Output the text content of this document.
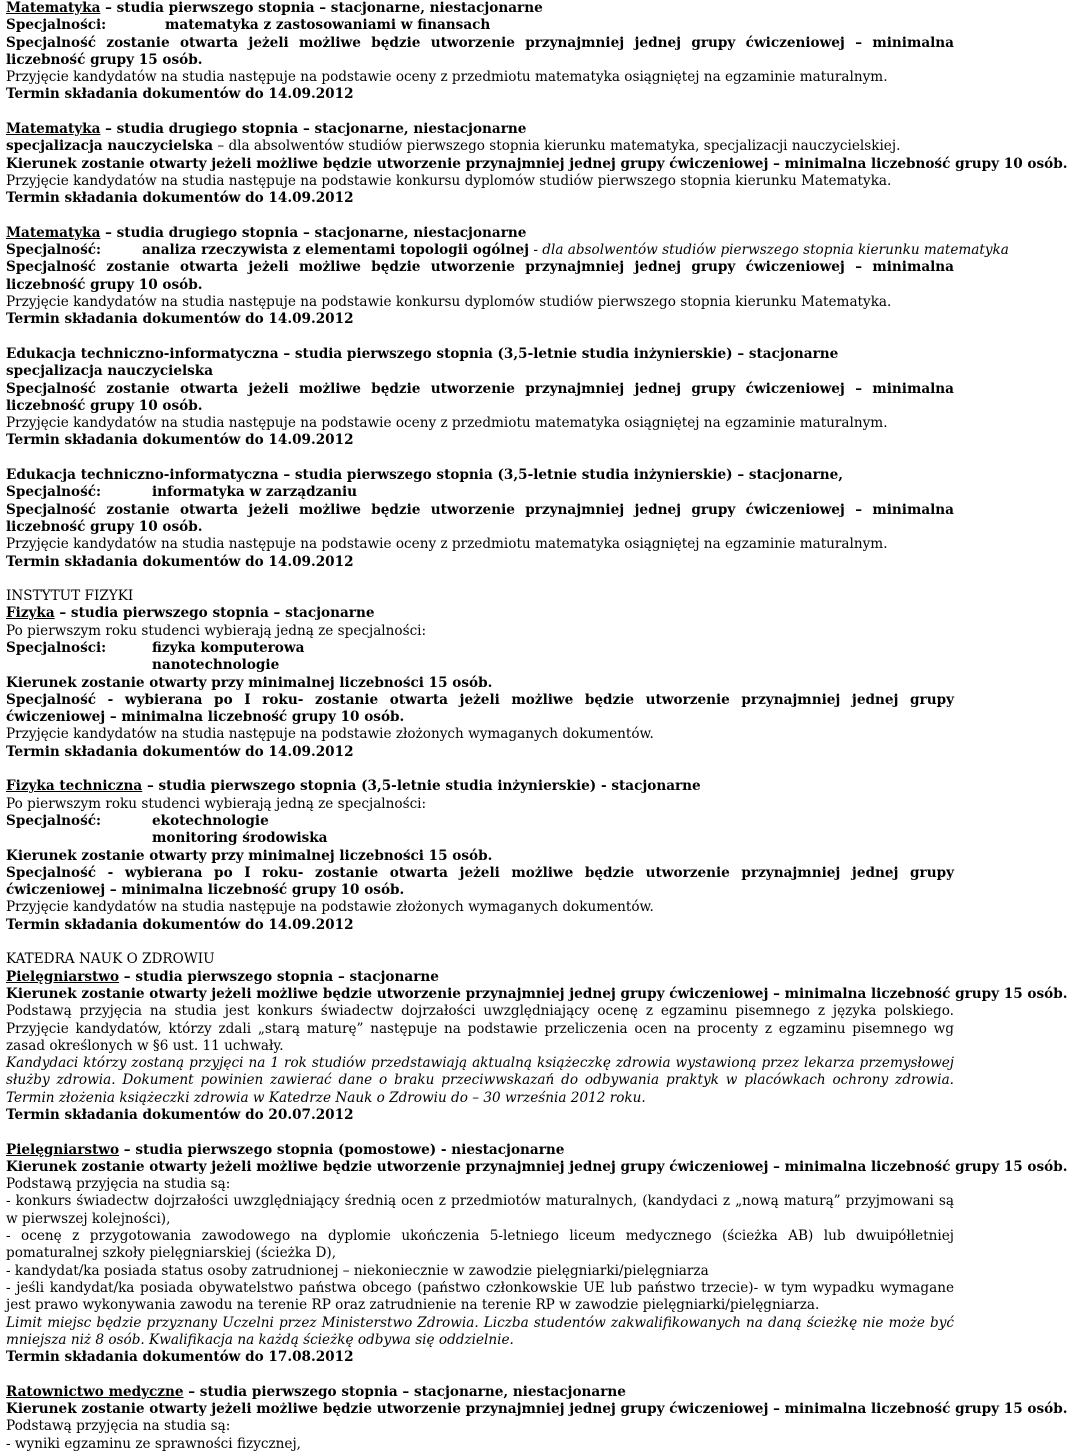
Matematyka – studia pierwszego stopnia – stacjonarne, niestacjonarne
Specjalności:	matematyka z zastosowaniami w finansach
Specjalność zostanie otwarta jeżeli możliwe będzie utworzenie przynajmniej jednej grupy ćwiczeniowej – minimalna liczebność grupy 15 osób.
Przyjęcie kandydatów na studia następuje na podstawie oceny z przedmiotu matematyka osiągniętej na egzaminie maturalnym.
Termin składania dokumentów do 14.09.2012
Matematyka – studia drugiego stopnia – stacjonarne, niestacjonarne
specjalizacja nauczycielska – dla absolwentów studiów pierwszego stopnia kierunku matematyka, specjalizacji nauczycielskiej.
Kierunek zostanie otwarty jeżeli możliwe będzie utworzenie przynajmniej jednej grupy ćwiczeniowej – minimalna liczebność grupy 10 osób.
Przyjęcie kandydatów na studia następuje na podstawie konkursu dyplomów studiów pierwszego stopnia kierunku Matematyka.
Termin składania dokumentów do 14.09.2012
Matematyka – studia drugiego stopnia – stacjonarne, niestacjonarne
Specjalność:	analiza rzeczywista z elementami topologii ogólnej - dla absolwentów studiów pierwszego stopnia kierunku matematyka
Specjalność zostanie otwarta jeżeli możliwe będzie utworzenie przynajmniej jednej grupy ćwiczeniowej – minimalna liczebność grupy 10 osób.
Przyjęcie kandydatów na studia następuje na podstawie konkursu dyplomów studiów pierwszego stopnia kierunku Matematyka.
Termin składania dokumentów do 14.09.2012
Edukacja techniczno-informatyczna – studia pierwszego stopnia (3,5-letnie studia inżynierskie) – stacjonarne
specjalizacja nauczycielska
Specjalność zostanie otwarta jeżeli możliwe będzie utworzenie przynajmniej jednej grupy ćwiczeniowej – minimalna liczebność grupy 10 osób.
Przyjęcie kandydatów na studia następuje na podstawie oceny z przedmiotu matematyka osiągniętej na egzaminie maturalnym.
Termin składania dokumentów do 14.09.2012
Edukacja techniczno-informatyczna – studia pierwszego stopnia (3,5-letnie studia inżynierskie) – stacjonarne,
Specjalność:	informatyka w zarządzaniu
Specjalność zostanie otwarta jeżeli możliwe będzie utworzenie przynajmniej jednej grupy ćwiczeniowej – minimalna liczebność grupy 10 osób.
Przyjęcie kandydatów na studia następuje na podstawie oceny z przedmiotu matematyka osiągniętej na egzaminie maturalnym.
Termin składania dokumentów do 14.09.2012
INSTYTUT FIZYKI
Fizyka – studia pierwszego stopnia – stacjonarne
Po pierwszym roku studenci wybierają jedną ze specjalności:
Specjalności:	fizyka komputerowa
nanotechnologie
Kierunek zostanie otwarty przy minimalnej liczebności 15 osób.
Specjalność - wybierana po I roku- zostanie otwarta jeżeli możliwe będzie utworzenie przynajmniej jednej grupy ćwiczeniowej – minimalna liczebność grupy 10 osób.
Przyjęcie kandydatów na studia następuje na podstawie złożonych wymaganych dokumentów.
Termin składania dokumentów do 14.09.2012
Fizyka techniczna – studia pierwszego stopnia (3,5-letnie studia inżynierskie) - stacjonarne
Po pierwszym roku studenci wybierają jedną ze specjalności:
Specjalność:	ekotechnologie
monitoring środowiska
Kierunek zostanie otwarty przy minimalnej liczebności 15 osób.
Specjalność - wybierana po I roku- zostanie otwarta jeżeli możliwe będzie utworzenie przynajmniej jednej grupy ćwiczeniowej – minimalna liczebność grupy 10 osób.
Przyjęcie kandydatów na studia następuje na podstawie złożonych wymaganych dokumentów.
Termin składania dokumentów do 14.09.2012
KATEDRA NAUK O ZDROWIU
Pielęgniarstwo – studia pierwszego stopnia – stacjonarne
Kierunek zostanie otwarty jeżeli możliwe będzie utworzenie przynajmniej jednej grupy ćwiczeniowej – minimalna liczebność grupy 15 osób.
Podstawą przyjęcia na studia jest konkurs świadectw dojrzałości uwzględniający ocenę z egzaminu pisemnego z języka polskiego. Przyjęcie kandydatów, którzy zdali „starą maturę” następuje na podstawie przeliczenia ocen na procenty z egzaminu pisemnego wg zasad określonych w §6 ust. 11 uchwały.
Kandydaci którzy zostaną przyjęci na 1 rok studiów przedstawiają aktualną książeczkę zdrowia wystawioną przez lekarza przemysłowej służby zdrowia. Dokument powinien zawierać dane o braku przeciwwskazań do odbywania praktyk w placówkach ochrony zdrowia. Termin złożenia książeczki zdrowia w Katedrze Nauk o Zdrowiu do – 30 września 2012 roku.
Termin składania dokumentów do 20.07.2012
Pielęgniarstwo – studia pierwszego stopnia (pomostowe) - niestacjonarne
Kierunek zostanie otwarty jeżeli możliwe będzie utworzenie przynajmniej jednej grupy ćwiczeniowej – minimalna liczebność grupy 15 osób.
Podstawą przyjęcia na studia są:
- konkurs świadectw dojrzałości uwzględniający średnią ocen z przedmiotów maturalnych, (kandydaci z „nową maturą” przyjmowani są w pierwszej kolejności),
- ocenę z przygotowania zawodowego na dyplomie ukończenia 5-letniego liceum medycznego (ścieżka AB) lub dwuipółletniej pomaturalnej szkoły pielęgniarskiej (ścieżka D),
- kandydat/ka posiada status osoby zatrudnionej – niekoniecznie w zawodzie pielęgniarki/pielęgniarza
- jeśli kandydat/ka posiada obywatelstwo państwa obcego (państwo członkowskie UE lub państwo trzecie)- w tym wypadku wymagane jest prawo wykonywania zawodu na terenie RP oraz zatrudnienie na terenie RP w zawodzie pielęgniarki/pielęgniarza.
Limit miejsc będzie przyznany Uczelni przez Ministerstwo Zdrowia. Liczba studentów zakwalifikowanych na daną ścieżkę nie może być mniejsza niż 8 osób. Kwalifikacja na każdą ścieżkę odbywa się oddzielnie.
Termin składania dokumentów do 17.08.2012
Ratownictwo medyczne – studia pierwszego stopnia – stacjonarne, niestacjonarne
Kierunek zostanie otwarty jeżeli możliwe będzie utworzenie przynajmniej jednej grupy ćwiczeniowej – minimalna liczebność grupy 15 osób.
Podstawą przyjęcia na studia są:
- wyniki egzaminu ze sprawności fizycznej,
